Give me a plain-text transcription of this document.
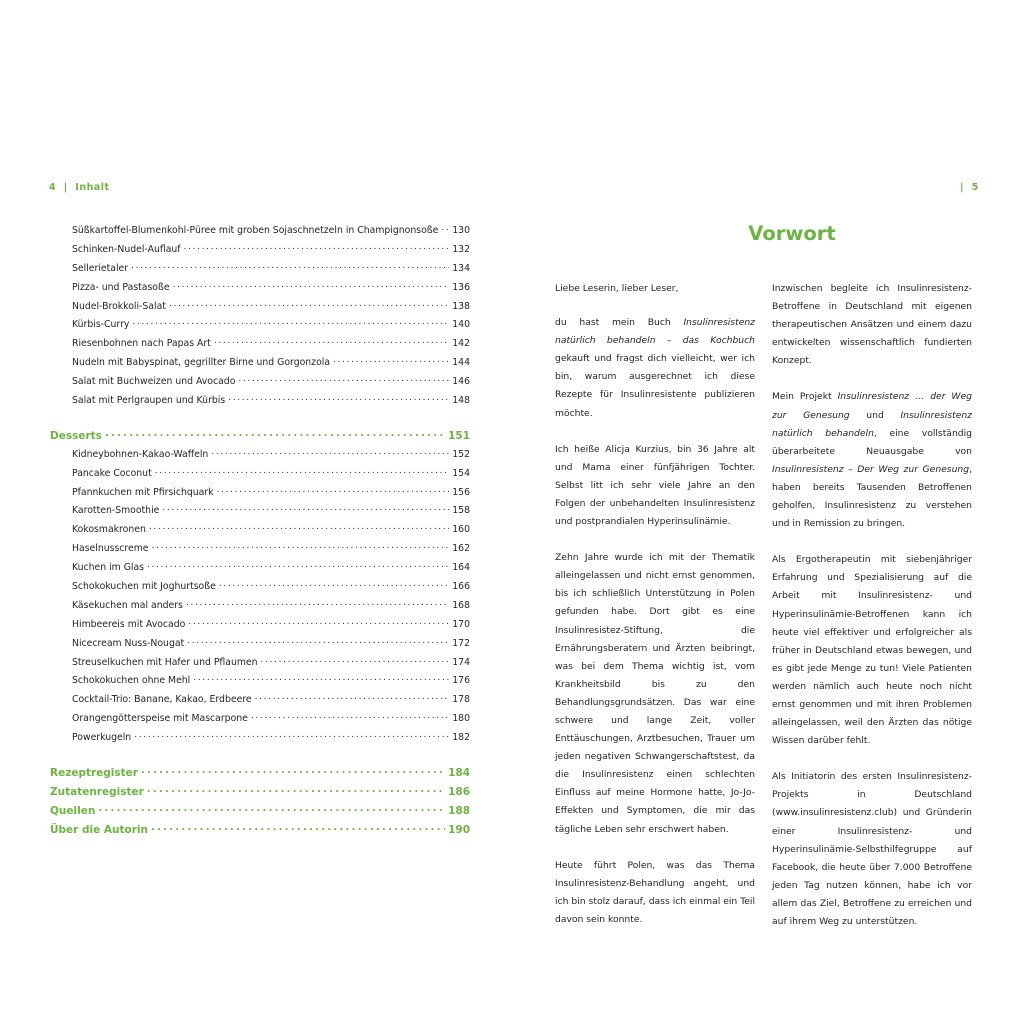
4  |  Inhalt
Süßkartoffel-Blumenkohl-Püree mit groben Sojaschnetzeln in Champignonsoße . . . 130
Schinken-Nudel-Auflauf . . .	132
Sellerietaler . . .	134
Pizza- und Pastasoße . . .	136
Nudel-Brokkoli-Salat . . .	138
Kürbis-Curry . . .	140
Riesenbohnen nach Papas Art . . .	142
Nudeln mit Babyspinat, gegrillter Birne und Gorgonzola . . .	144
Salat mit Buchweizen und Avocado . . .	146
Salat mit Perlgraupen und Kürbis . . .	148
Desserts . . .	151
Kidneybohnen-Kakao-Waffeln . . .	152
Pancake Coconut . . .	154
Pfannkuchen mit Pfirsichquark . . .	156
Karotten-Smoothie . . .	158
Kokosmakronen . . .	160
Haselnusscreme . . .	162
Kuchen im Glas . . .	164
Schokokuchen mit Joghurtsoße . . .	166
Käsekuchen mal anders . . .	168
Himbeereis mit Avocado . . .	170
Nicecream Nuss-Nougat . . .	172
Streuselkuchen mit Hafer und Pflaumen . . .	174
Schokokuchen ohne Mehl . . .	176
Cocktail-Trio: Banane, Kakao, Erdbeere . . .	178
Orangengötterspeise mit Mascarpone . . .	180
Powerkugeln . . .	182
Rezeptregister . . .	184
Zutatenregister . . .	186
Quellen . . .	188
Über die Autorin . . .	190
|  5
Vorwort

Liebe Leserin, lieber Leser,

du hast mein Buch Insulinresistenz natürlich behandeln – das Kochbuch gekauft und fragst dich vielleicht, wer ich bin, warum ausgerechnet ich diese Rezepte für Insulinresistente publizieren möchte.

Ich heiße Alicja Kurzius, bin 36 Jahre alt und Mama einer fünfjährigen Tochter. Selbst litt ich sehr viele Jahre an den Folgen der unbehandelten Insulinresistenz und postprandialen Hyperinsulinämie.

Zehn Jahre wurde ich mit der Thematik alleingelassen und nicht ernst genommen, bis ich schließlich Unterstützung in Polen gefunden habe. Dort gibt es eine Insulinresistez-Stiftung, die Ernährungsberatern und Ärzten beibringt, was bei dem Thema wichtig ist, vom Krankheitsbild bis zu den Behandlungsgrundsätzen. Das war eine schwere und lange Zeit, voller Enttäuschungen, Arztbesuchen, Trauer um jeden negativen Schwangerschaftstest, da die Insulinresistenz einen schlechten Einfluss auf meine Hormone hatte, Jo-Jo-Effekten und Symptomen, die mir das tägliche Leben sehr erschwert haben.

Heute führt Polen, was das Thema Insulinresistenz-Behandlung angeht, und ich bin stolz darauf, dass ich einmal ein Teil davon sein konnte.

Inzwischen begleite ich Insulinresistenz-Betroffene in Deutschland mit eigenen therapeutischen Ansätzen und einem dazu entwickelten wissenschaftlich fundierten Konzept.

Mein Projekt Insulinresistenz … der Weg zur Genesung und Insulinresistenz natürlich behandeln, eine vollständig überarbeitete Neuausgabe von Insulinresistenz – Der Weg zur Genesung, haben bereits Tausenden Betroffenen geholfen, Insulinresistenz zu verstehen und in Remission zu bringen.

Als Ergotherapeutin mit siebenjähriger Erfahrung und Spezialisierung auf die Arbeit mit Insulinresistenz- und Hyperinsulinämie-Betroffenen kann ich heute viel effektiver und erfolgreicher als früher in Deutschland etwas bewegen, und es gibt jede Menge zu tun! Viele Patienten werden nämlich auch heute noch nicht ernst genommen und mit ihren Problemen alleingelassen, weil den Ärzten das nötige Wissen darüber fehlt.

Als Initiatorin des ersten Insulinresistenz-Projekts in Deutschland (www.insulinresistenz.club) und Gründerin einer Insulinresistenz- und Hyperinsulinämie-Selbsthilfegruppe auf Facebook, die heute über 7.000 Betroffene jeden Tag nutzen können, habe ich vor allem das Ziel, Betroffene zu erreichen und auf ihrem Weg zu unterstützen.
